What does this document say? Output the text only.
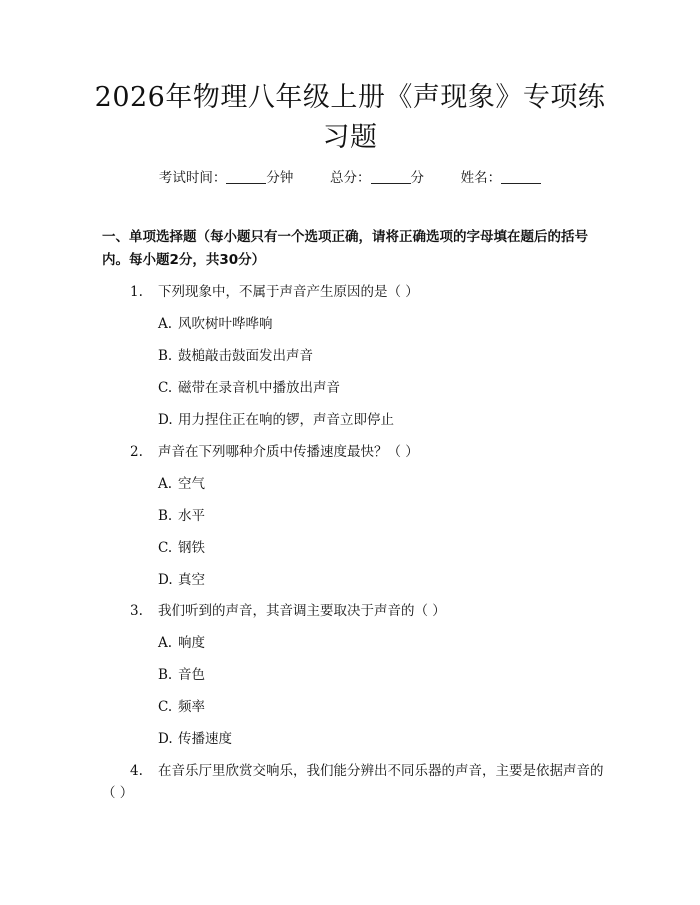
2026年物理八年级上册《声现象》专项练习题
考试时间：	分钟	总分：	分	姓名：
一、单项选择题（每小题只有一个选项正确，请将正确选项的字母填在题后的括号内。每小题2分，共30分）
1. 下列现象中，不属于声音产生原因的是（ ）
A. 风吹树叶哗哗响
B. 鼓槌敲击鼓面发出声音
C. 磁带在录音机中播放出声音
D. 用力捏住正在响的锣，声音立即停止
2. 声音在下列哪种介质中传播速度最快？（ ）
A. 空气
B. 水平
C. 钢铁
D. 真空
3. 我们听到的声音，其音调主要取决于声音的（ ）
A. 响度
B. 音色
C. 频率
D. 传播速度
4. 在音乐厅里欣赏交响乐，我们能分辨出不同乐器的声音，主要是依据声音的（ ）
